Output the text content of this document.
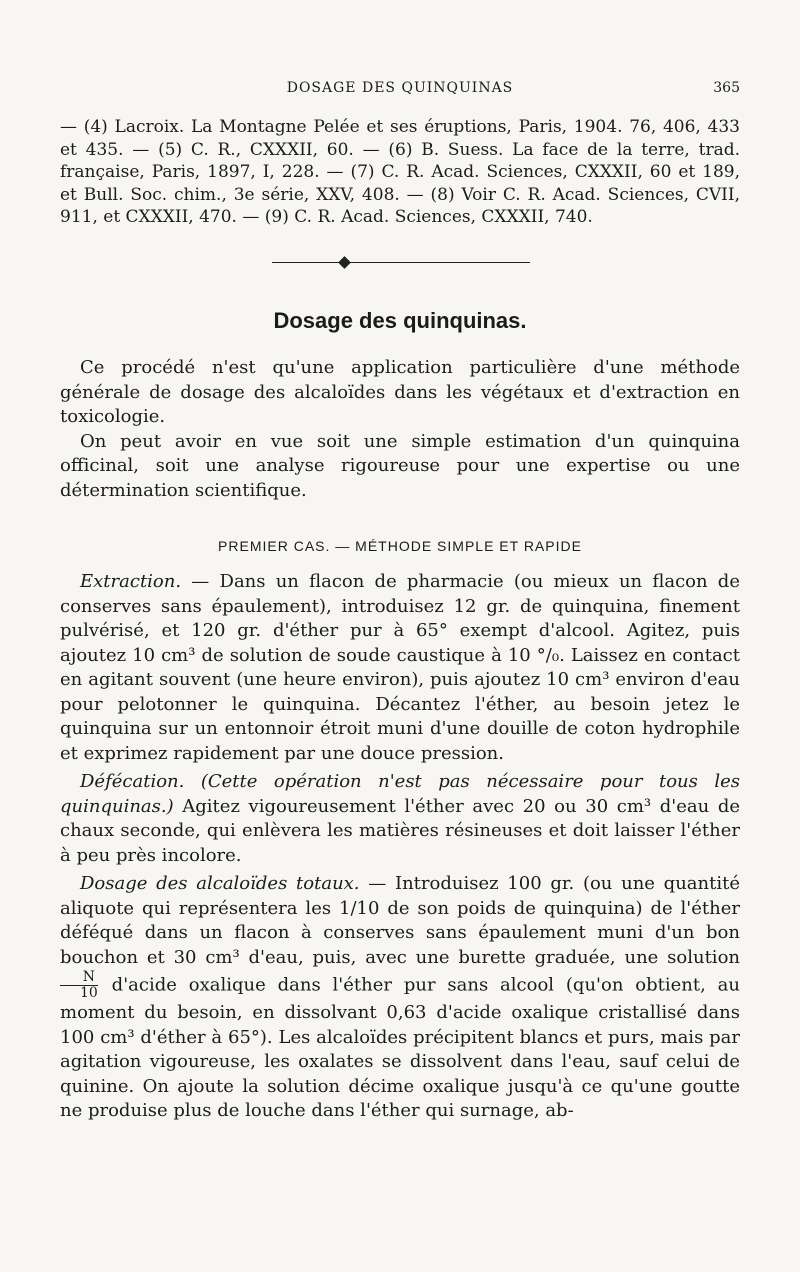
DOSAGE DES QUINQUINAS	365
— (4) Lacroix. La Montagne Pelée et ses éruptions, Paris, 1904. 76, 406, 433 et 435. — (5) C. R., CXXXII, 60. — (6) B. Suess. La face de la terre, trad. française, Paris, 1897, I, 228. — (7) C. R. Acad. Sciences, CXXXII, 60 et 189, et Bull. Soc. chim., 3e série, XXV, 408. — (8) Voir C. R. Acad. Sciences, CVII, 911, et CXXXII, 470. — (9) C. R. Acad. Sciences, CXXXII, 740.
Dosage des quinquinas.

Ce procédé n'est qu'une application particulière d'une méthode générale de dosage des alcaloïdes dans les végétaux et d'extraction en toxicologie.

On peut avoir en vue soit une simple estimation d'un quinquina officinal, soit une analyse rigoureuse pour une expertise ou une détermination scientifique.

PREMIER CAS. — MÉTHODE SIMPLE ET RAPIDE

Extraction. — Dans un flacon de pharmacie (ou mieux un flacon de conserves sans épaulement), introduisez 12 gr. de quinquina, finement pulvérisé, et 120 gr. d'éther pur à 65° exempt d'alcool. Agitez, puis ajoutez 10 cm³ de solution de soude caustique à 10 °/₀. Laissez en contact en agitant souvent (une heure environ), puis ajoutez 10 cm³ environ d'eau pour pelotonner le quinquina. Décantez l'éther, au besoin jetez le quinquina sur un entonnoir étroit muni d'une douille de coton hydrophile et exprimez rapidement par une douce pression.

Défécation. (Cette opération n'est pas nécessaire pour tous les quinquinas.) Agitez vigoureusement l'éther avec 20 ou 30 cm³ d'eau de chaux seconde, qui enlèvera les matières résineuses et doit laisser l'éther à peu près incolore.

Dosage des alcaloïdes totaux. — Introduisez 100 gr. (ou une quantité aliquote qui représentera les 1/10 de son poids de quinquina) de l'éther déféqué dans un flacon à conserves sans épaulement muni d'un bon bouchon et 30 cm³ d'eau, puis, avec une burette graduée, une solution
$\frac{N}{10}$ d'acide oxalique dans l'éther pur sans alcool (qu'on obtient, au moment du besoin, en dissolvant 0,63 d'acide oxalique cristallisé dans 100 cm³ d'éther à 65°). Les alcaloïdes précipitent blancs et purs, mais par agitation vigoureuse, les oxalates se dissolvent dans l'eau, sauf celui de quinine. On ajoute la solution décime oxalique jusqu'à ce qu'une goutte ne produise plus de louche dans l'éther qui surnage, ab-
